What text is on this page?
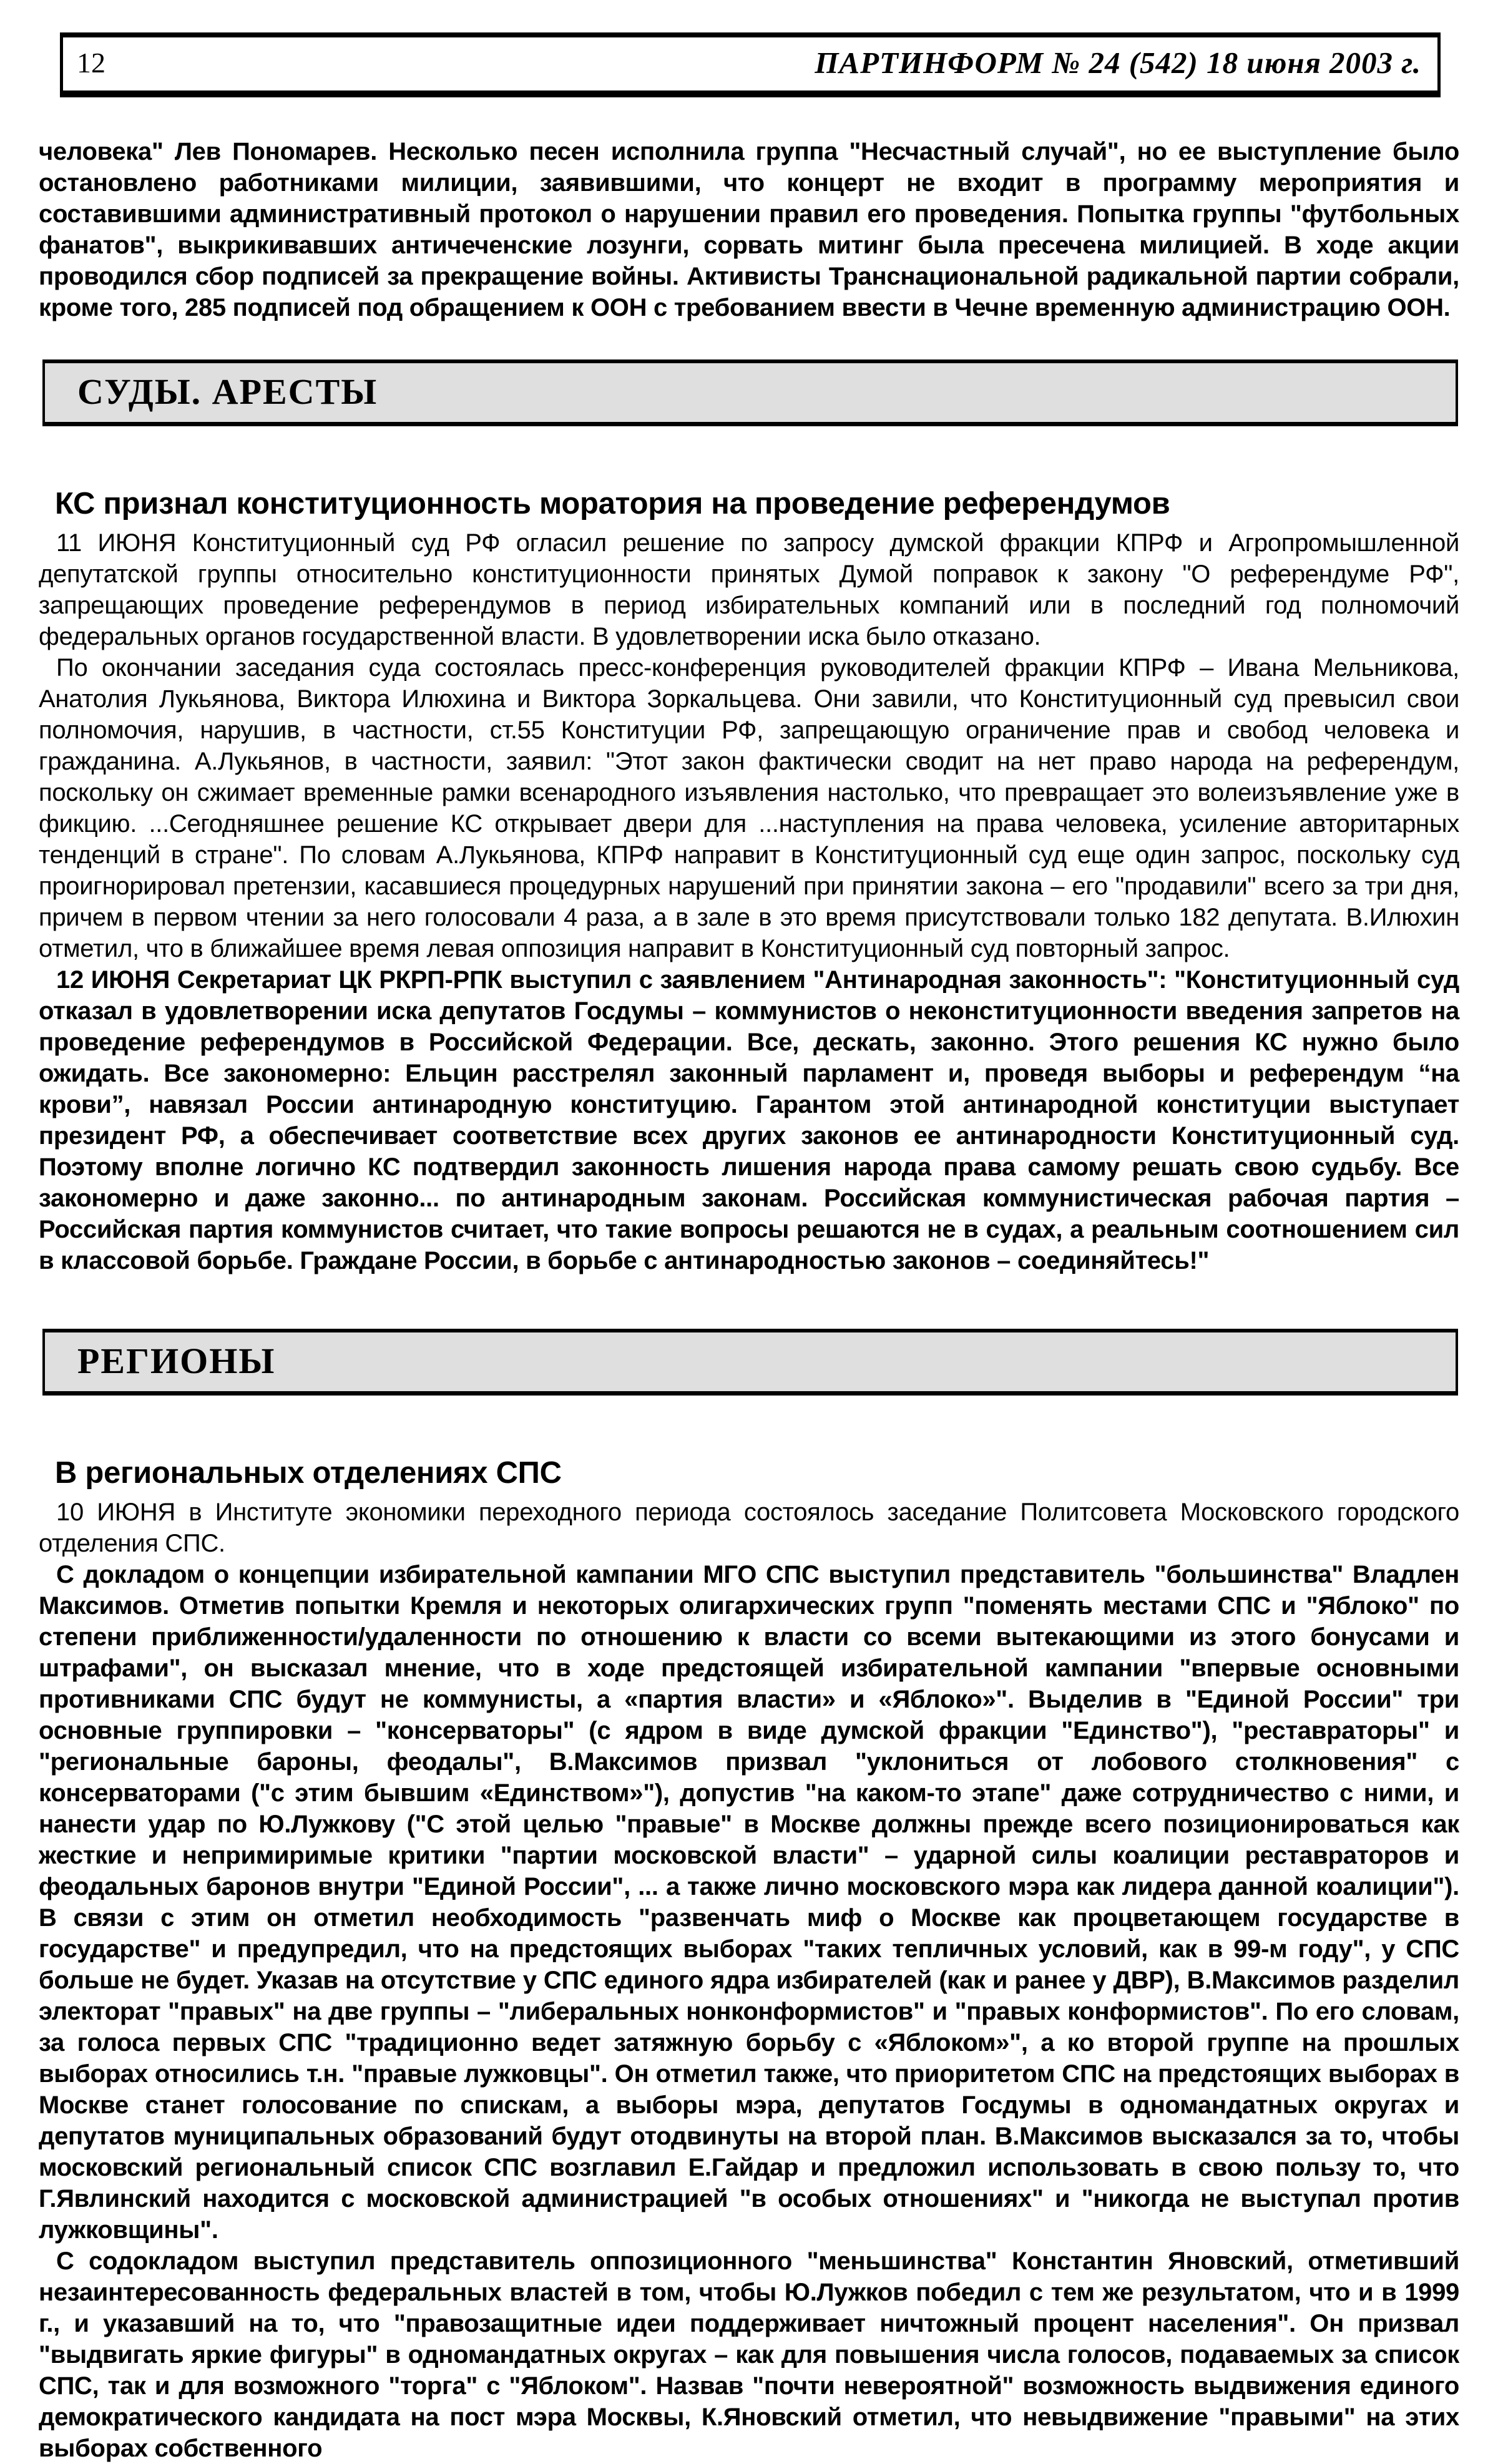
12	ПАРТИНФОРМ № 24 (542) 18 июня 2003 г.

человека" Лев Пономарев. Несколько песен исполнила группа "Несчастный случай", но ее выступление было остановлено работниками милиции, заявившими, что концерт не входит в программу мероприятия и составившими административный протокол о нарушении правил его проведения. Попытка группы "футбольных фанатов", выкрикивавших античеченские лозунги, сорвать митинг была пресечена милицией. В ходе акции проводился сбор подписей за прекращение войны. Активисты Транснациональной радикальной партии собрали, кроме того, 285 подписей под обращением к ООН с требованием ввести в Чечне временную администрацию ООН.

СУДЫ. АРЕСТЫ
КС признал конституционность моратория на проведение референдумов

11 ИЮНЯ Конституционный суд РФ огласил решение по запросу думской фракции КПРФ и Агропромышленной депутатской группы относительно конституционности принятых Думой поправок к закону "О референдуме РФ", запрещающих проведение референдумов в период избирательных компаний или в последний год полномочий федеральных органов государственной власти. В удовлетворении иска было отказано.

По окончании заседания суда состоялась пресс-конференция руководителей фракции КПРФ – Ивана Мельникова, Анатолия Лукьянова, Виктора Илюхина и Виктора Зоркальцева. Они завили, что Конституционный суд превысил свои полномочия, нарушив, в частности, ст.55 Конституции РФ, запрещающую ограничение прав и свобод человека и гражданина. А.Лукьянов, в частности, заявил: "Этот закон фактически сводит на нет право народа на референдум, поскольку он сжимает временные рамки всенародного изъявления настолько, что превращает это волеизъявление уже в фикцию. ...Сегодняшнее решение КС открывает двери для ...наступления на права человека, усиление авторитарных тенденций в стране". По словам А.Лукьянова, КПРФ направит в Конституционный суд еще один запрос, поскольку суд проигнорировал претензии, касавшиеся процедурных нарушений при принятии закона – его "продавили" всего за три дня, причем в первом чтении за него голосовали 4 раза, а в зале в это время присутствовали только 182 депутата. В.Илюхин отметил, что в ближайшее время левая оппозиция направит в Конституционный суд повторный запрос.

12 ИЮНЯ Секретариат ЦК РКРП-РПК выступил с заявлением "Антинародная законность": "Конституционный суд отказал в удовлетворении иска депутатов Госдумы – коммунистов о неконституционности введения запретов на проведение референдумов в Российской Федерации. Все, дескать, законно. Этого решения КС нужно было ожидать. Все закономерно: Ельцин расстрелял законный парламент и, проведя выборы и референдум “на крови”, навязал России антинародную конституцию. Гарантом этой антинародной конституции выступает президент РФ, а обеспечивает соответствие всех других законов ее антинародности Конституционный суд. Поэтому вполне логично КС подтвердил законность лишения народа права самому решать свою судьбу. Все закономерно и даже законно... по антинародным законам. Российская коммунистическая рабочая партия – Российская партия коммунистов считает, что такие вопросы решаются не в судах, а реальным соотношением сил в классовой борьбе. Граждане России, в борьбе с антинародностью законов – соединяйтесь!"

РЕГИОНЫ
В региональных отделениях СПС

10 ИЮНЯ в Институте экономики переходного периода состоялось заседание Политсовета Московского городского отделения СПС.

С докладом о концепции избирательной кампании МГО СПС выступил представитель "большинства" Владлен Максимов. Отметив попытки Кремля и некоторых олигархических групп "поменять местами СПС и "Яблоко" по степени приближенности/удаленности по отношению к власти со всеми вытекающими из этого бонусами и штрафами", он высказал мнение, что в ходе предстоящей избирательной кампании "впервые основными противниками СПС будут не коммунисты, а «партия власти» и «Яблоко»". Выделив в "Единой России" три основные группировки – "консерваторы" (с ядром в виде думской фракции "Единство"), "реставраторы" и "региональные бароны, феодалы", В.Максимов призвал "уклониться от лобового столкновения" с консерваторами ("с этим бывшим «Единством»"), допустив "на каком-то этапе" даже сотрудничество с ними, и нанести удар по Ю.Лужкову ("С этой целью "правые" в Москве должны прежде всего позиционироваться как жесткие и непримиримые критики "партии московской власти" – ударной силы коалиции реставраторов и феодальных баронов внутри "Единой России", ... а также лично московского мэра как лидера данной коалиции"). В связи с этим он отметил необходимость "развенчать миф о Москве как процветающем государстве в государстве" и предупредил, что на предстоящих выборах "таких тепличных условий, как в 99-м году", у СПС больше не будет. Указав на отсутствие у СПС единого ядра избирателей (как и ранее у ДВР), В.Максимов разделил электорат "правых" на две группы – "либеральных нонконформистов" и "правых конформистов". По его словам, за голоса первых СПС "традиционно ведет затяжную борьбу с «Яблоком»", а ко второй группе на прошлых выборах относились т.н. "правые лужковцы". Он отметил также, что приоритетом СПС на предстоящих выборах в Москве станет голосование по спискам, а выборы мэра, депутатов Госдумы в одномандатных округах и депутатов муниципальных образований будут отодвинуты на второй план. В.Максимов высказался за то, чтобы московский региональный список СПС возглавил Е.Гайдар и предложил использовать в свою пользу то, что Г.Явлинский находится с московской администрацией "в особых отношениях" и "никогда не выступал против лужковщины".

С содокладом выступил представитель оппозиционного "меньшинства" Константин Яновский, отметивший незаинтересованность федеральных властей в том, чтобы Ю.Лужков победил с тем же результатом, что и в 1999 г., и указавший на то, что "правозащитные идеи поддерживает ничтожный процент населения". Он призвал "выдвигать яркие фигуры" в одномандатных округах – как для повышения числа голосов, подаваемых за список СПС, так и для возможного "торга" с "Яблоком". Назвав "почти невероятной" возможность выдвижения единого демократического кандидата на пост мэра Москвы, К.Яновский отметил, что невыдвижение "правыми" на этих выборах собственного
